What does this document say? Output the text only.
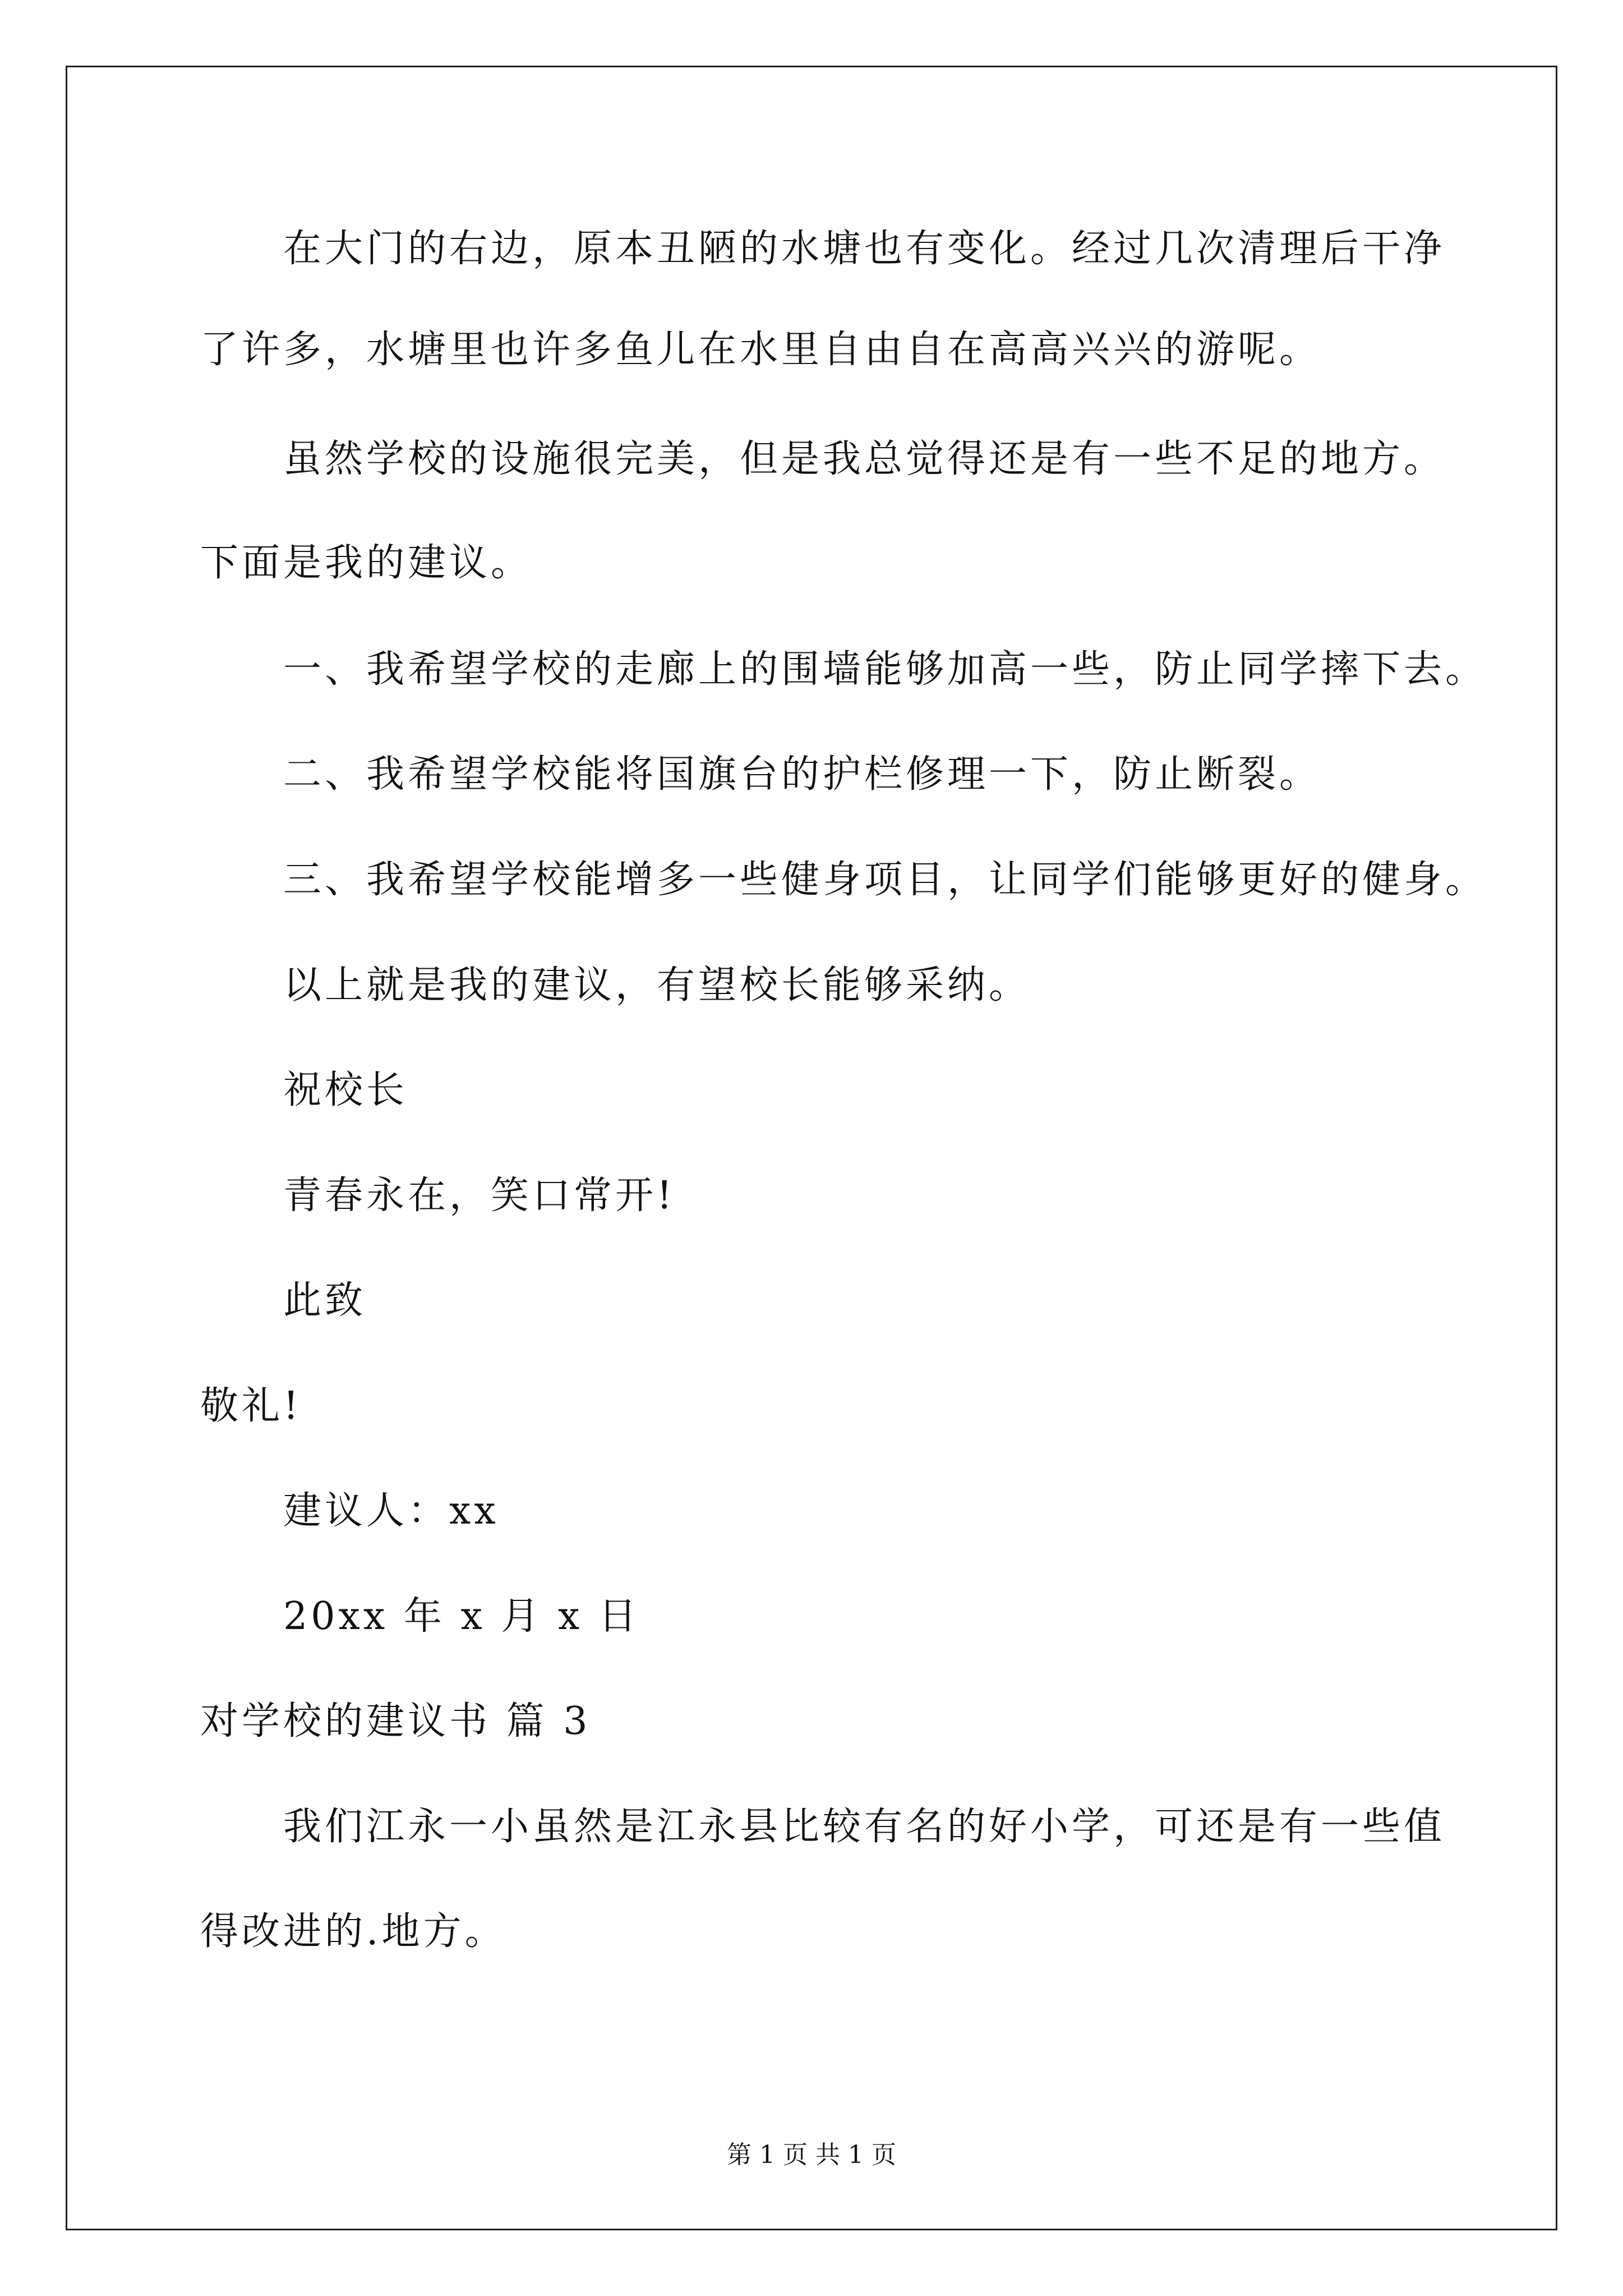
在大门的右边，原本丑陋的水塘也有变化。经过几次清理后干净
了许多，水塘里也许多鱼儿在水里自由自在高高兴兴的游呢。
虽然学校的设施很完美，但是我总觉得还是有一些不足的地方。
下面是我的建议。
一、我希望学校的走廊上的围墙能够加高一些，防止同学摔下去。
二、我希望学校能将国旗台的护栏修理一下，防止断裂。
三、我希望学校能增多一些健身项目，让同学们能够更好的健身。
以上就是我的建议，有望校长能够采纳。
祝校长
青春永在，笑口常开!
此致
敬礼!
建议人：xx
20xx 年 x 月 x 日
对学校的建议书 篇 3
我们江永一小虽然是江永县比较有名的好小学，可还是有一些值
得改进的.地方。
第 1 页 共 1 页
